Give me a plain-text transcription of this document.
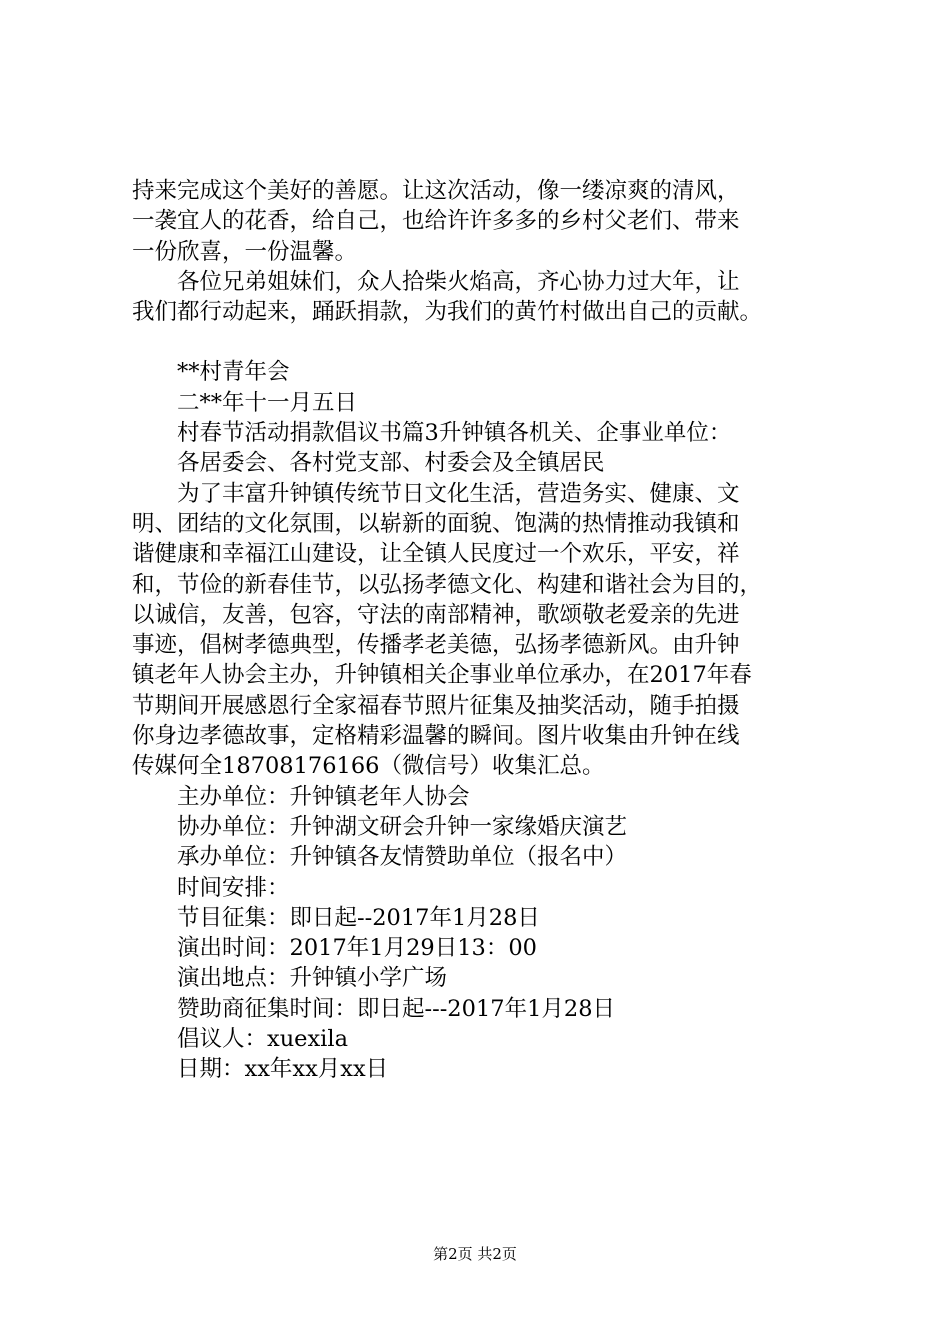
持来完成这个美好的善愿。让这次活动，像一缕凉爽的清风，
一袭宜人的花香，给自己，也给许许多多的乡村父老们、带来
一份欣喜，一份温馨。
各位兄弟姐妹们，众人拾柴火焰高，齐心协力过大年，让
我们都行动起来，踊跃捐款，为我们的黄竹村做出自己的贡献。
**村青年会
二**年十一月五日
村春节活动捐款倡议书篇3升钟镇各机关、企事业单位：
各居委会、各村党支部、村委会及全镇居民
为了丰富升钟镇传统节日文化生活，营造务实、健康、文
明、团结的文化氛围，以崭新的面貌、饱满的热情推动我镇和
谐健康和幸福江山建设，让全镇人民度过一个欢乐，平安，祥
和，节俭的新春佳节，以弘扬孝德文化、构建和谐社会为目的，
以诚信，友善，包容，守法的南部精神，歌颂敬老爱亲的先进
事迹，倡树孝德典型，传播孝老美德，弘扬孝德新风。由升钟
镇老年人协会主办，升钟镇相关企事业单位承办，在2017年春
节期间开展感恩行全家福春节照片征集及抽奖活动，随手拍摄
你身边孝德故事，定格精彩温馨的瞬间。图片收集由升钟在线
传媒何全18708176166（微信号）收集汇总。
主办单位：升钟镇老年人协会
协办单位：升钟湖文研会升钟一家缘婚庆演艺
承办单位：升钟镇各友情赞助单位（报名中）
时间安排：
节目征集：即日起--2017年1月28日
演出时间：2017年1月29日13：00
演出地点：升钟镇小学广场
赞助商征集时间：即日起---2017年1月28日
倡议人：xuexila
日期：xx年xx月xx日
第2页 共2页
